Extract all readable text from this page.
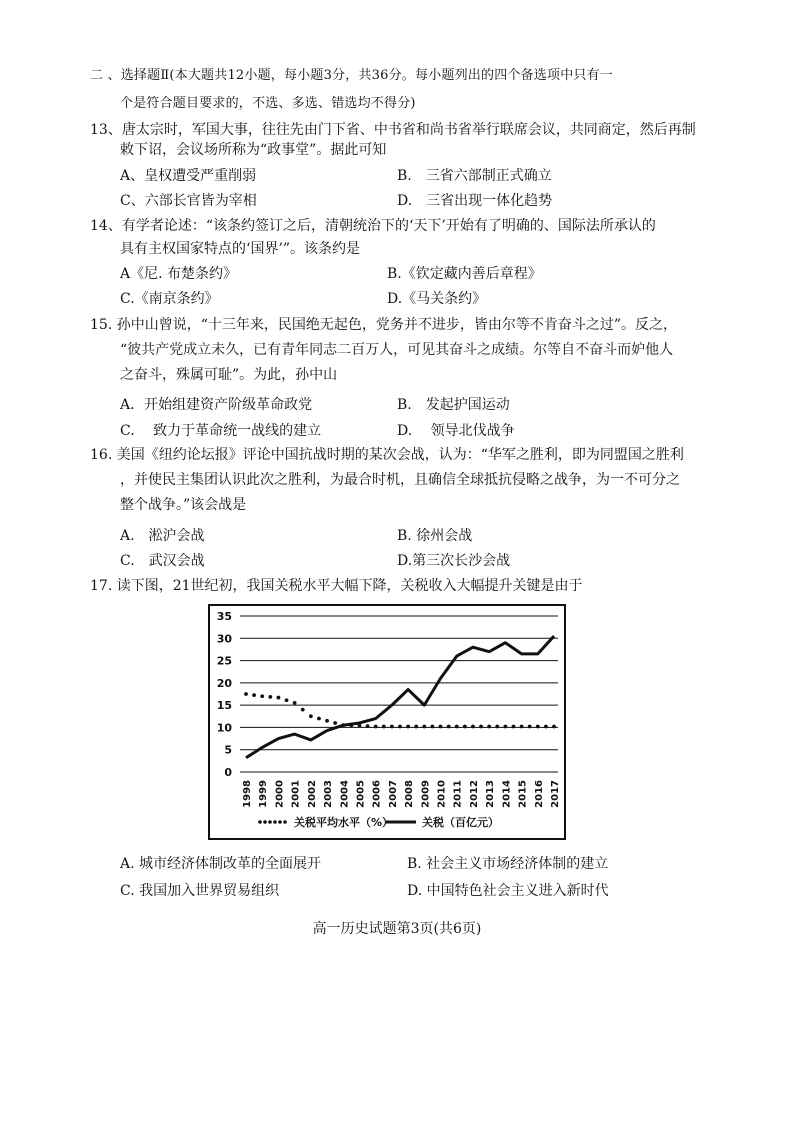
二 、选择题Ⅱ(本大题共12小题，每小题3分，共36分。每小题列出的四个备选项中只有一
个是符合题目要求的，不选、多选、错选均不得分)
13、唐太宗时，军国大事，往往先由门下省、中书省和尚书省举行联席会议，共同商定，然后再制
敕下诏，会议场所称为“政事堂”。据此可知
A、皇权遭受严重削弱	B.　三省六部制正式确立
C、六部长官皆为宰相	D.　三省出现一体化趋势
14、有学者论述：“该条约签订之后，清朝统治下的‘天下’开始有了明确的、国际法所承认的
具有主权国家特点的‘国界’”。该条约是
A《尼. 布楚条约》	B.《钦定藏内善后章程》
C.《南京条约》	D.《马关条约》
15. 孙中山曾说，“十三年来，民国绝无起色，党务并不进步，皆由尔等不肯奋斗之过”。反之，
“彼共产党成立未久，已有青年同志二百万人，可见其奋斗之成绩。尔等自不奋斗而妒他人
之奋斗，殊属可耻”。为此，孙中山
A．开始组建资产阶级革命政党	B.　发起护国运动
C.　 致力于革命统一战线的建立	D.　 领导北伐战争
16. 美国《纽约论坛报》评论中国抗战时期的某次会战，认为：“华军之胜利，即为同盟国之胜利
，并使民主集团认识此次之胜利，为最合时机，且确信全球抵抗侵略之战争，为一不可分之
整个战争。”该会战是
A.　淞沪会战	B. 徐州会战
C.　武汉会战	D.第三次长沙会战
17. 读下图，21世纪初，我国关税水平大幅下降，关税收入大幅提升关键是由于
0
5
10
15
20
25
30
35
1998 1999 2000 2001 2002 2003 2004 2005 2006 2007 2008 2009 2010 2011 2012 2013 2014 2015 2016 2017
关税平均水平（%）	关税（百亿元）
A. 城市经济体制改革的全面展开	B. 社会主义市场经济体制的建立
C. 我国加入世界贸易组织	D. 中国特色社会主义进入新时代
高一历史试题第3页(共6页)
